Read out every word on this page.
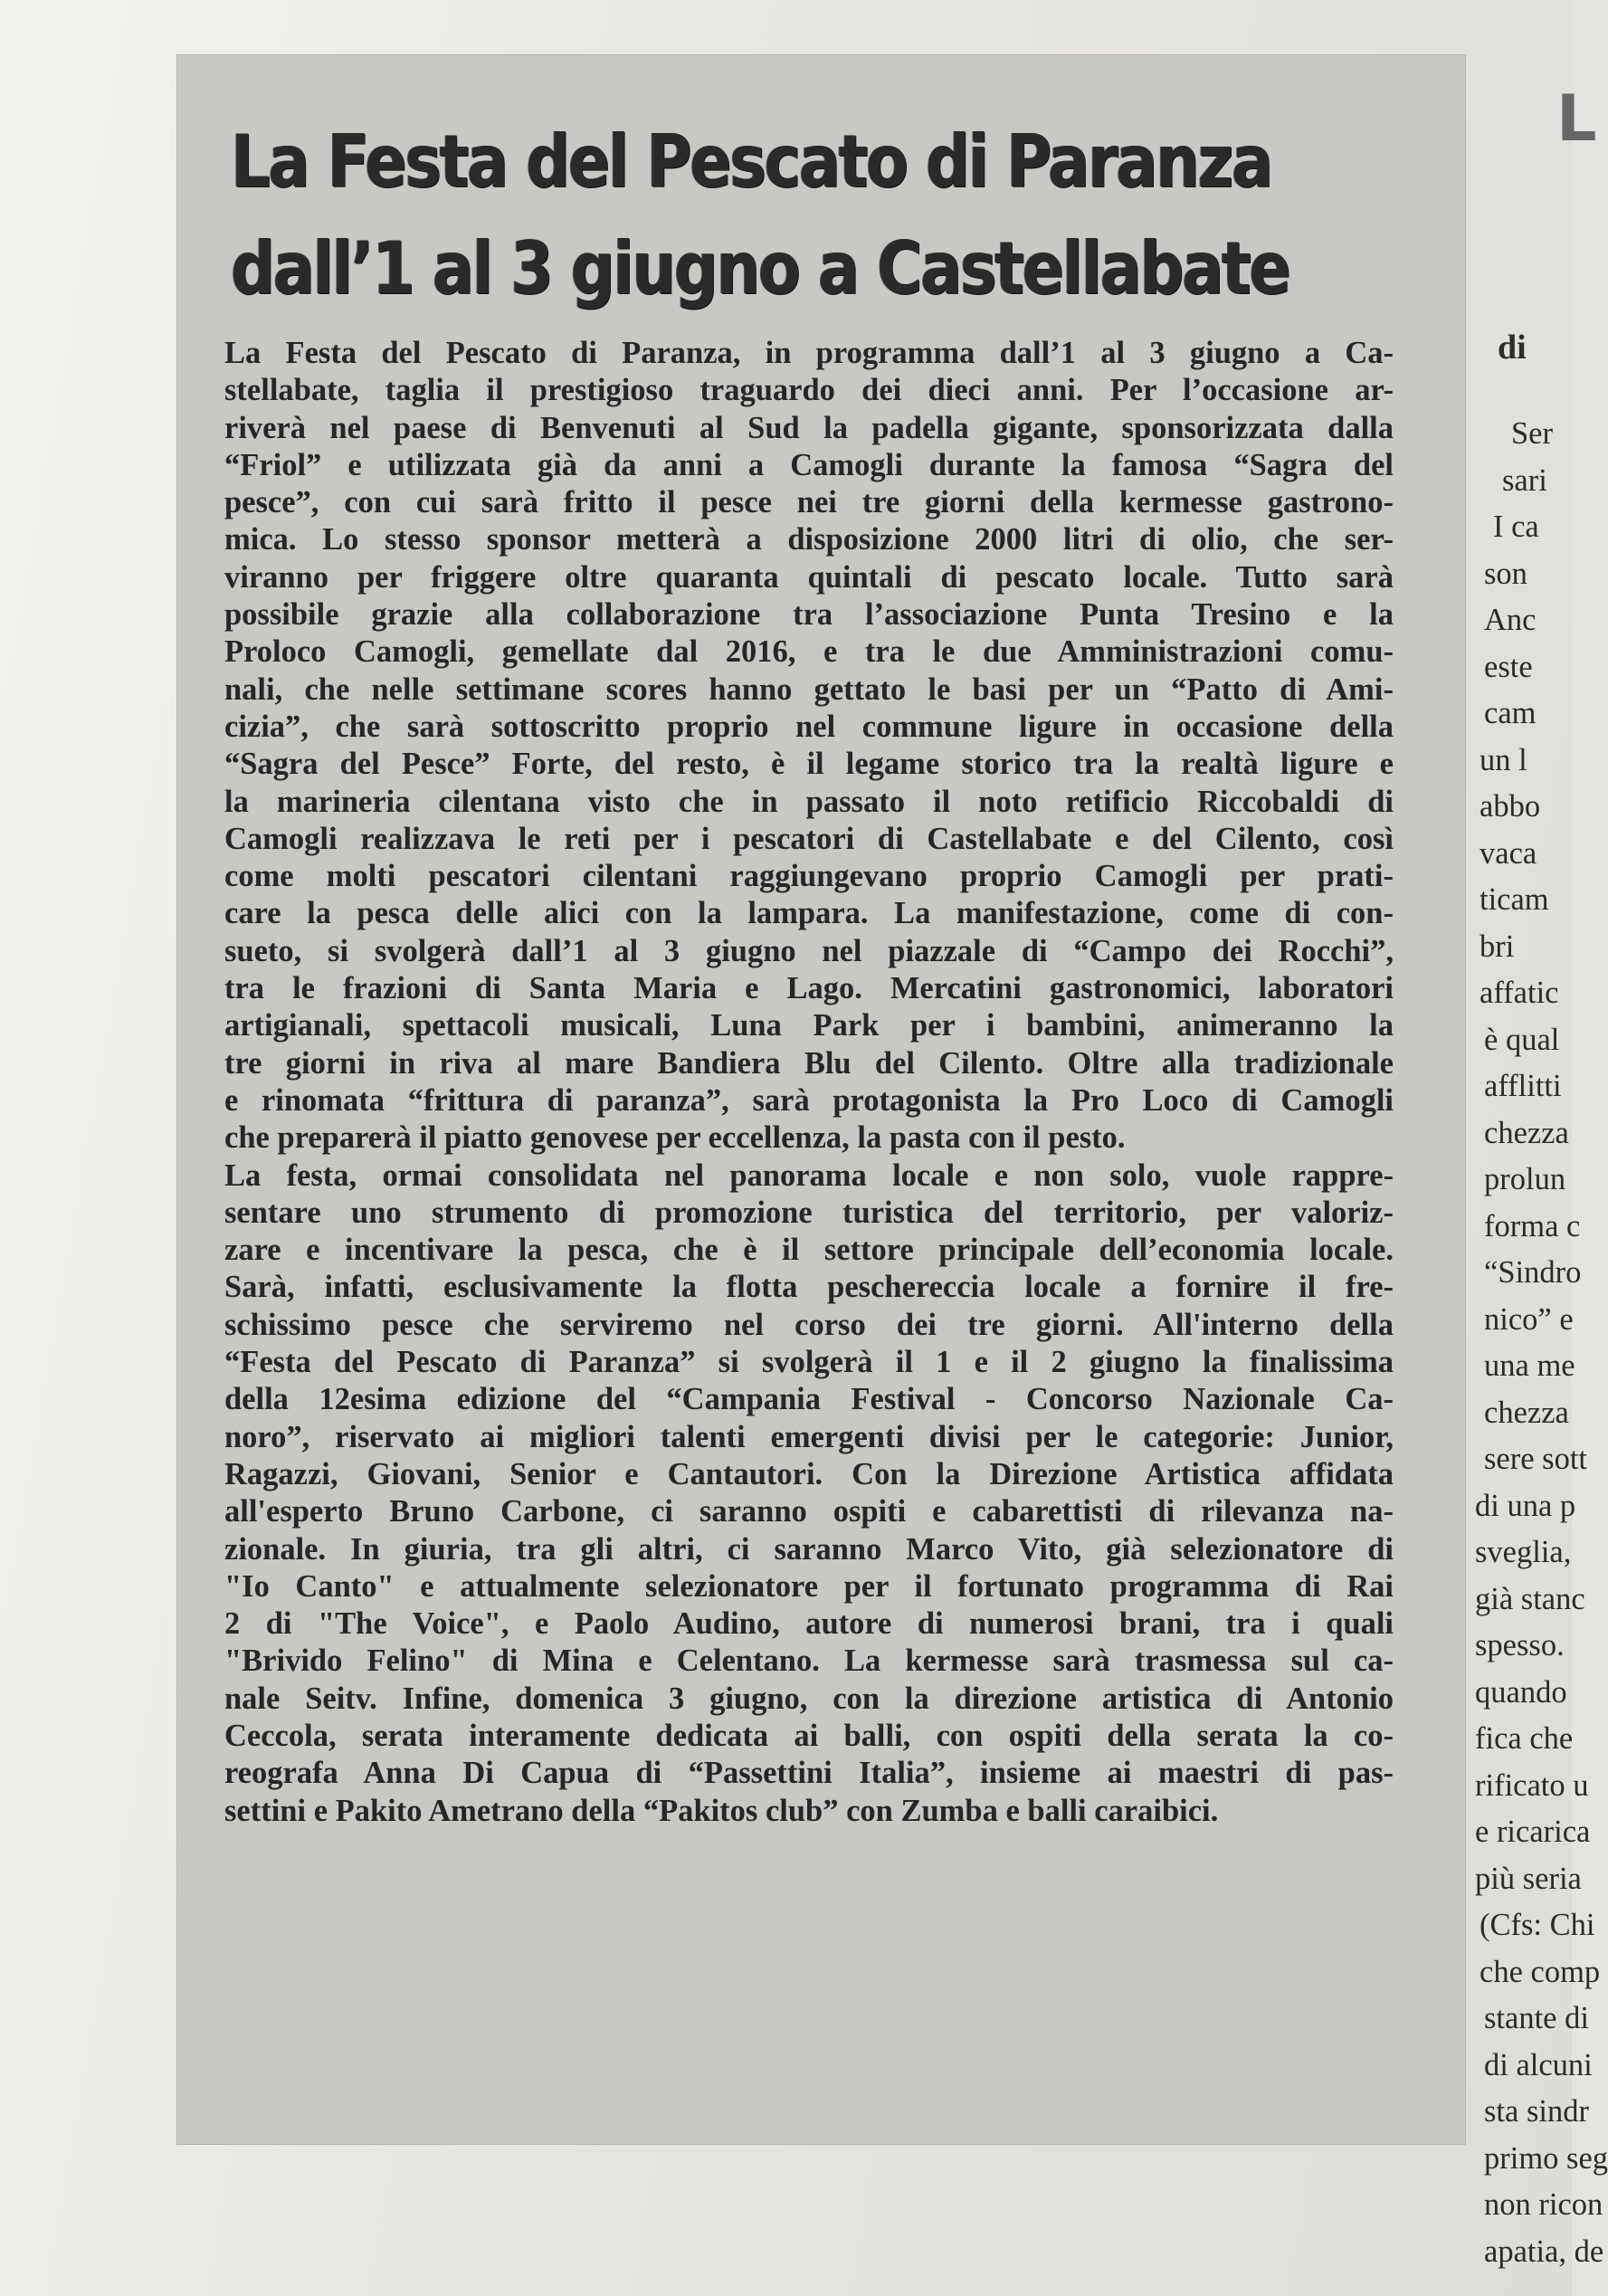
La Festa del Pescato di Paranza
dall’1 al 3 giugno a Castellabate
La Festa del Pescato di Paranza, in programma dall’1 al 3 giugno a Ca-
stellabate, taglia il prestigioso traguardo dei dieci anni. Per l’occasione ar-
riverà nel paese di Benvenuti al Sud la padella gigante, sponsorizzata dalla
“Friol” e utilizzata già da anni a Camogli durante la famosa “Sagra del
pesce”, con cui sarà fritto il pesce nei tre giorni della kermesse gastrono-
mica. Lo stesso sponsor metterà a disposizione 2000 litri di olio, che ser-
viranno per friggere oltre quaranta quintali di pescato locale. Tutto sarà
possibile grazie alla collaborazione tra l’associazione Punta Tresino e la
Proloco Camogli, gemellate dal 2016, e tra le due Amministrazioni comu-
nali, che nelle settimane scores hanno gettato le basi per un “Patto di Ami-
cizia”, che sarà sottoscritto proprio nel commune ligure in occasione della
“Sagra del Pesce” Forte, del resto, è il legame storico tra la realtà ligure e
la marineria cilentana visto che in passato il noto retificio Riccobaldi di
Camogli realizzava le reti per i pescatori di Castellabate e del Cilento, così
come molti pescatori cilentani raggiungevano proprio Camogli per prati-
care la pesca delle alici con la lampara. La manifestazione, come di con-
sueto, si svolgerà dall’1 al 3 giugno nel piazzale di “Campo dei Rocchi”,
tra le frazioni di Santa Maria e Lago. Mercatini gastronomici, laboratori
artigianali, spettacoli musicali, Luna Park per i bambini, animeranno la
tre giorni in riva al mare Bandiera Blu del Cilento. Oltre alla tradizionale
e rinomata “frittura di paranza”, sarà protagonista la Pro Loco di Camogli
che preparerà il piatto genovese per eccellenza, la pasta con il pesto.
La festa, ormai consolidata nel panorama locale e non solo, vuole rappre-
sentare uno strumento di promozione turistica del territorio, per valoriz-
zare e incentivare la pesca, che è il settore principale dell’economia locale.
Sarà, infatti, esclusivamente la flotta peschereccia locale a fornire il fre-
schissimo pesce che serviremo nel corso dei tre giorni. All'interno della
“Festa del Pescato di Paranza” si svolgerà il 1 e il 2 giugno la finalissima
della 12esima edizione del “Campania Festival - Concorso Nazionale Ca-
noro”, riservato ai migliori talenti emergenti divisi per le categorie: Junior,
Ragazzi, Giovani, Senior e Cantautori. Con la Direzione Artistica affidata
all'esperto Bruno Carbone, ci saranno ospiti e cabarettisti di rilevanza na-
zionale. In giuria, tra gli altri, ci saranno Marco Vito, già selezionatore di
"Io Canto" e attualmente selezionatore per il fortunato programma di Rai
2 di "The Voice", e Paolo Audino, autore di numerosi brani, tra i quali
"Brivido Felino" di Mina e Celentano. La kermesse sarà trasmessa sul ca-
nale Seitv. Infine, domenica 3 giugno, con la direzione artistica di Antonio
Ceccola, serata interamente dedicata ai balli, con ospiti della serata la co-
reografa Anna Di Capua di “Passettini Italia”, insieme ai maestri di pas-
settini e Pakito Ametrano della “Pakitos club” con Zumba e balli caraibici.
L
di
Ser
sari
I ca
son
Anc
este
cam
un l
abbo
vaca
ticam
bri
affatic
è qual
afflitti
chezza
prolun
forma c
“Sindro
nico” e
una me
chezza
sere sott
di una p
sveglia,
già stanc
spesso.
quando
fica che
rificato u
e ricarica
più seria
(Cfs: Chi
che comp
stante di
di alcuni
sta sindr
primo seg
non ricon
apatia, de
